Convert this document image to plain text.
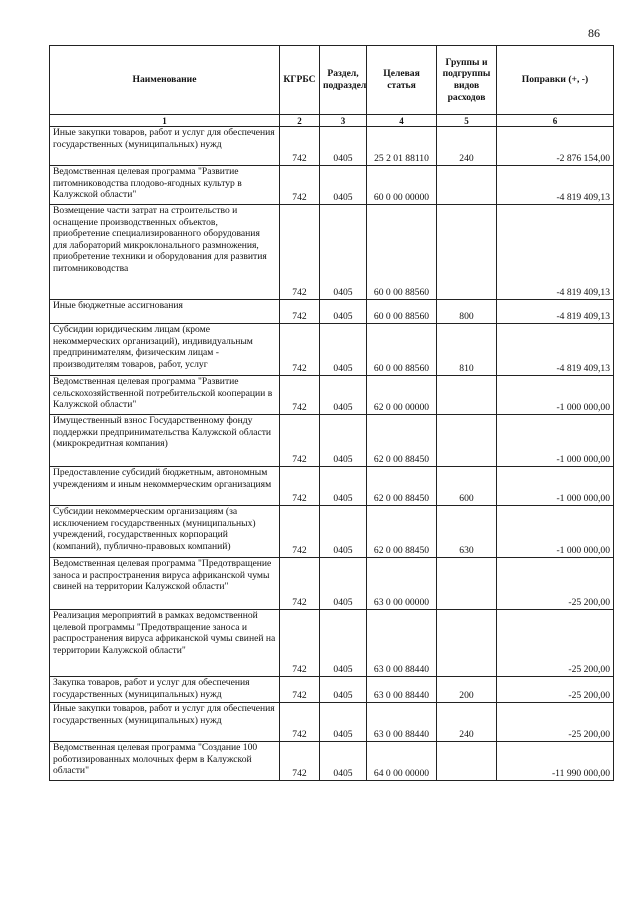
86
Наименование	КГРБС	Раздел, подраздел	Целевая статья	Группы и подгруппы видов расходов	Поправки (+, -)
1	2	3	4	5	6
Иные закупки товаров, работ и услуг для обеспечения государственных (муниципальных) нужд	742	0405	25 2 01 88110	240	-2 876 154,00
Ведомственная целевая программа "Развитие питомниководства плодово-ягодных культур в Калужской области"	742	0405	60 0 00 00000		-4 819 409,13
Возмещение части затрат на строительство и оснащение производственных объектов, приобретение специализированного оборудования для лабораторий микроклонального размножения, приобретение техники и оборудования для развития питомниководства	742	0405	60 0 00 88560		-4 819 409,13
Иные бюджетные ассигнования	742	0405	60 0 00 88560	800	-4 819 409,13
Субсидии юридическим лицам (кроме некоммерческих организаций), индивидуальным предпринимателям, физическим лицам - производителям товаров, работ, услуг	742	0405	60 0 00 88560	810	-4 819 409,13
Ведомственная целевая программа "Развитие сельскохозяйственной потребительской кооперации в Калужской области"	742	0405	62 0 00 00000		-1 000 000,00
Имущественный взнос Государственному фонду поддержки предпринимательства Калужской области (микрокредитная компания)	742	0405	62 0 00 88450		-1 000 000,00
Предоставление субсидий бюджетным, автономным учреждениям и иным некоммерческим организациям	742	0405	62 0 00 88450	600	-1 000 000,00
Субсидии некоммерческим организациям (за исключением государственных (муниципальных) учреждений, государственных корпораций (компаний), публично-правовых компаний)	742	0405	62 0 00 88450	630	-1 000 000,00
Ведомственная целевая программа "Предотвращение заноса и распространения вируса африканской чумы свиней на территории Калужской области"	742	0405	63 0 00 00000		-25 200,00
Реализация мероприятий в рамках ведомственной целевой программы "Предотвращение заноса и распространения вируса африканской чумы свиней на территории Калужской области"	742	0405	63 0 00 88440		-25 200,00
Закупка товаров, работ и услуг для обеспечения государственных (муниципальных) нужд	742	0405	63 0 00 88440	200	-25 200,00
Иные закупки товаров, работ и услуг для обеспечения государственных (муниципальных) нужд	742	0405	63 0 00 88440	240	-25 200,00
Ведомственная целевая программа "Создание 100 роботизированных молочных ферм в Калужской области"	742	0405	64 0 00 00000		-11 990 000,00
